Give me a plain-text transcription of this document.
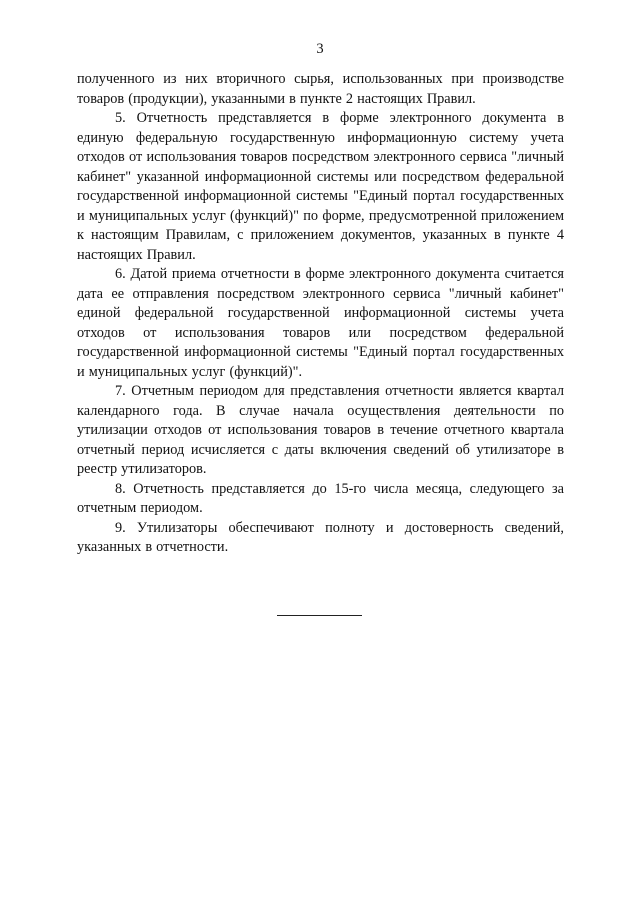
3

полученного из них вторичного сырья, использованных при производстве товаров (продукции), указанными в пункте 2 настоящих Правил.

5. Отчетность представляется в форме электронного документа в единую федеральную государственную информационную систему учета отходов от использования товаров посредством электронного сервиса "личный кабинет" указанной информационной системы или посредством федеральной государственной информационной системы "Единый портал государственных и муниципальных услуг (функций)" по форме, предусмотренной приложением к настоящим Правилам, с приложением документов, указанных в пункте 4 настоящих Правил.

6. Датой приема отчетности в форме электронного документа считается дата ее отправления посредством электронного сервиса "личный кабинет" единой федеральной государственной информационной системы учета отходов от использования товаров или посредством федеральной государственной информационной системы "Единый портал государственных и муниципальных услуг (функций)".

7. Отчетным периодом для представления отчетности является квартал календарного года. В случае начала осуществления деятельности по утилизации отходов от использования товаров в течение отчетного квартала отчетный период исчисляется с даты включения сведений об утилизаторе в реестр утилизаторов.

8. Отчетность представляется до 15-го числа месяца, следующего за отчетным периодом.

9. Утилизаторы обеспечивают полноту и достоверность сведений, указанных в отчетности.
